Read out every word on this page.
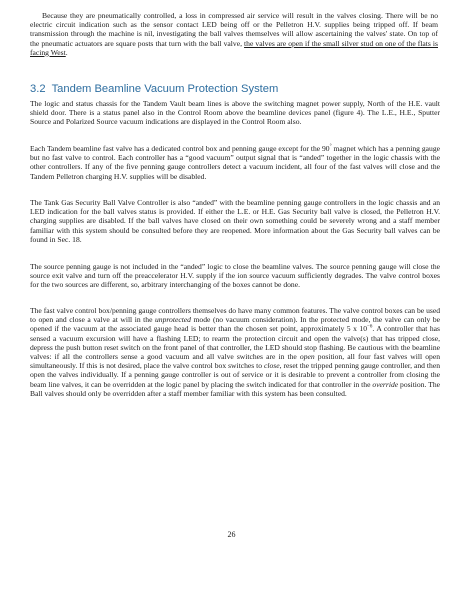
Because they are pneumatically controlled, a loss in compressed air service will result in the valves closing. There will be no electric circuit indication such as the sensor contact LED being off or the Pelletron H.V. supplies being tripped off. If beam transmission through the machine is nil, investigating the ball valves themselves will allow ascertaining the valves' state. On top of the pneumatic actuators are square posts that turn with the ball valve, the valves are open if the small silver stud on one of the flats is facing West.

3.2 Tandem Beamline Vacuum Protection System

The logic and status chassis for the Tandem Vault beam lines is above the switching magnet power supply, North of the H.E. vault shield door. There is a status panel also in the Control Room above the beamline devices panel (figure 4). The L.E., H.E., Sputter Source and Polarized Source vacuum indications are displayed in the Control Room also.

Each Tandem beamline fast valve has a dedicated control box and penning gauge except for the 90° magnet which has a penning gauge but no fast valve to control. Each controller has a “good vacuum” output signal that is “anded” together in the logic chassis with the other controllers. If any of the five penning gauge controllers detect a vacuum incident, all four of the fast valves will close and the Tandem Pelletron charging H.V. supplies will be disabled.

The Tank Gas Security Ball Valve Controller is also “anded” with the beamline penning gauge controllers in the logic chassis and an LED indication for the ball valves status is provided. If either the L.E. or H.E. Gas Security ball valve is closed, the Pelletron H.V. charging supplies are disabled. If the ball valves have closed on their own something could be severely wrong and a staff member familiar with this system should be consulted before they are reopened. More information about the Gas Security ball valves can be found in Sec. 18.

The source penning gauge is not included in the “anded” logic to close the beamline valves. The source penning gauge will close the source exit valve and turn off the preaccelerator H.V. supply if the ion source vacuum sufficiently degrades. The valve control boxes for the two sources are different, so, arbitrary interchanging of the boxes cannot be done.

The fast valve control box/penning gauge controllers themselves do have many common features. The valve control boxes can be used to open and close a valve at will in the unprotected mode (no vacuum consideration). In the protected mode, the valve can only be opened if the vacuum at the associated gauge head is better than the chosen set point, approximately 5 x $10^{-6}$. A controller that has sensed a vacuum excursion will have a flashing LED; to rearm the protection circuit and open the valve(s) that has tripped close, depress the push button reset switch on the front panel of that controller, the LED should stop flashing. Be cautious with the beamline valves: if all the controllers sense a good vacuum and all valve switches are in the open position, all four fast valves will open simultaneously. If this is not desired, place the valve control box switches to close, reset the tripped penning gauge controller, and then open the valves individually. If a penning gauge controller is out of service or it is desirable to prevent a controller from closing the beam line valves, it can be overridden at the logic panel by placing the switch indicated for that controller in the override position. The Ball valves should only be overridden after a staff member familiar with this system has been consulted.

26
